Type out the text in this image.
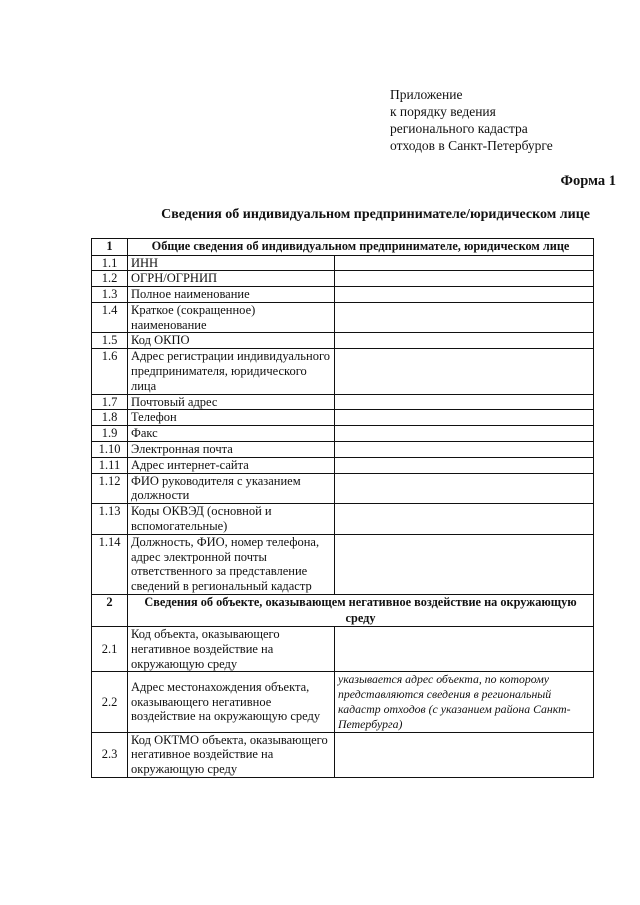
Приложение
к порядку ведения
регионального кадастра
отходов в Санкт-Петербурге
Форма 1
Сведения об индивидуальном предпринимателе/юридическом лице
1	Общие сведения об индивидуальном предпринимателе, юридическом лице	
1.1	ИНН	
1.2	ОГРН/ОГРНИП	
1.3	Полное наименование	
1.4	Краткое (сокращенное) наименование	
1.5	Код ОКПО	
1.6	Адрес регистрации индивидуального предпринимателя, юридического лица	
1.7	Почтовый адрес	
1.8	Телефон	
1.9	Факс	
1.10	Электронная почта	
1.11	Адрес интернет-сайта	
1.12	ФИО руководителя с указанием должности	
1.13	Коды ОКВЭД (основной и вспомогательные)	
1.14	Должность, ФИО, номер телефона, адрес электронной почты ответственного за представление сведений в региональный кадастр	
2	Сведения об объекте, оказывающем негативное воздействие на окружающую среду	
2.1	Код объекта, оказывающего негативное воздействие на окружающую среду	
2.2	Адрес местонахождения объекта, оказывающего негативное воздействие на окружающую среду	указывается адрес объекта, по которому представляются сведения в региональный кадастр отходов (с указанием района Санкт-Петербурга)
2.3	Код ОКТМО объекта, оказывающего негативное воздействие на окружающую среду	
